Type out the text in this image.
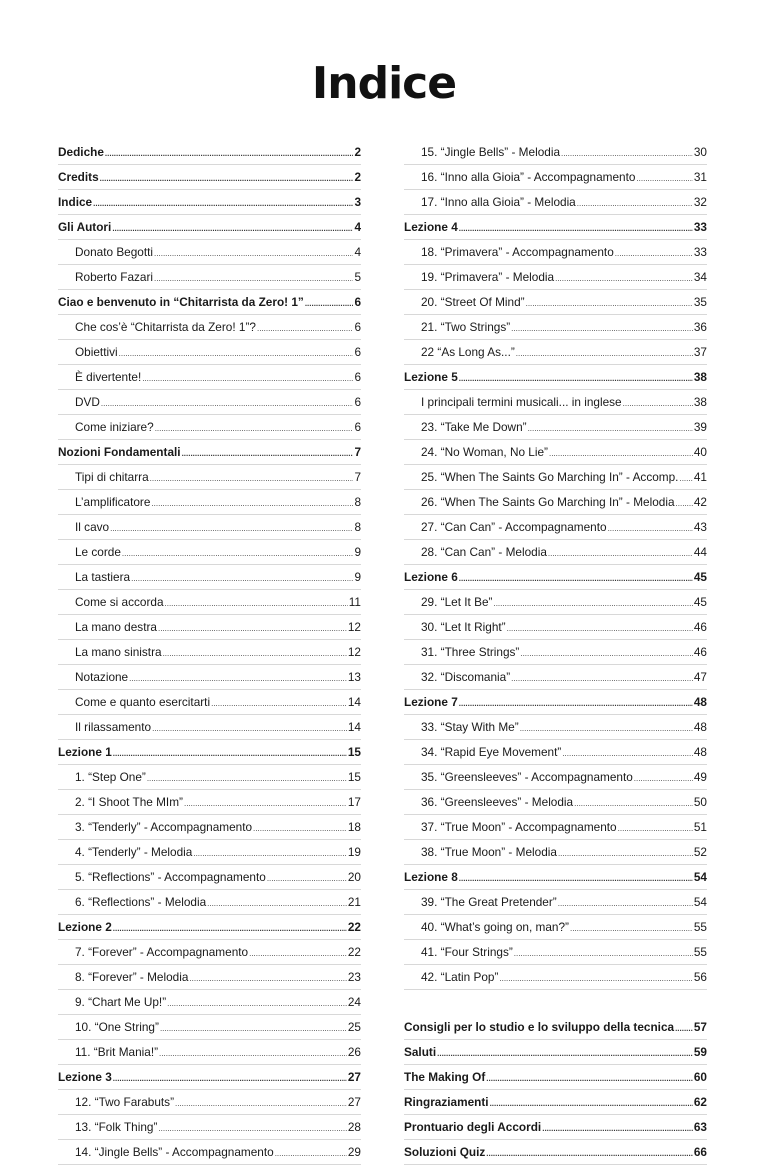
Indice
Dediche .....	2
Credits .....	2
Indice .....	3
Gli Autori .....	4
Donato Begotti .....	4
Roberto Fazari .....	5
Ciao e benvenuto in “Chitarrista da Zero! 1” .....	6
Che cos’è “Chitarrista da Zero! 1”? .....	6
Obiettivi .....	6
È divertente! .....	6
DVD .....	6
Come iniziare? .....	6
Nozioni Fondamentali .....	7
Tipi di chitarra .....	7
L’amplificatore .....	8
Il cavo .....	8
Le corde .....	9
La tastiera .....	9
Come si accorda .....	11
La mano destra .....	12
La mano sinistra .....	12
Notazione .....	13
Come e quanto esercitarti .....	14
Il rilassamento .....	14
Lezione 1 .....	15
1. “Step One” .....	15
2. “I Shoot The MIm” .....	17
3. “Tenderly” - Accompagnamento .....	18
4. “Tenderly” - Melodia .....	19
5. “Reflections” - Accompagnamento .....	20
6. “Reflections” - Melodia .....	21
Lezione 2 .....	22
7. “Forever” - Accompagnamento .....	22
8. “Forever” - Melodia .....	23
9. “Chart Me Up!” .....	24
10. “One String” .....	25
11. “Brit Mania!” .....	26
Lezione 3 .....	27
12. “Two Farabuts” .....	27
13. “Folk Thing” .....	28
14. “Jingle Bells” - Accompagnamento .....	29
15. “Jingle Bells” - Melodia .....	30
16. “Inno alla Gioia” - Accompagnamento .....	31
17. “Inno alla Gioia” - Melodia .....	32
Lezione 4 .....	33
18. “Primavera” - Accompagnamento .....	33
19. “Primavera” - Melodia .....	34
20. “Street Of Mind” .....	35
21. “Two Strings” .....	36
22 “As Long As...” .....	37
Lezione 5 .....	38
I principali termini musicali... in inglese .....	38
23. “Take Me Down” .....	39
24. “No Woman, No Lie” .....	40
25. “When The Saints Go Marching In” - Accomp. ..... 41
26. “When The Saints Go Marching In” - Melodia ..... 42
27. “Can Can” - Accompagnamento .....	43
28. “Can Can” - Melodia .....	44
Lezione 6 .....	45
29. “Let It Be” .....	45
30. “Let It Right” .....	46
31. “Three Strings” .....	46
32. “Discomania” .....	47
Lezione 7 .....	48
33. “Stay With Me” .....	48
34. “Rapid Eye Movement” .....	48
35. “Greensleeves” - Accompagnamento .....	49
36. “Greensleeves” - Melodia .....	50
37. “True Moon” - Accompagnamento .....	51
38. “True Moon” - Melodia .....	52
Lezione 8 .....	54
39. “The Great Pretender” .....	54
40. “What’s going on, man?” .....	55
41. “Four Strings” .....	55
42. “Latin Pop” .....	56
Consigli per lo studio e lo sviluppo della tecnica ..... 57
Saluti .....	59
The Making Of .....	60
Ringraziamenti .....	62
Prontuario degli Accordi .....	63
Soluzioni Quiz .....	66
